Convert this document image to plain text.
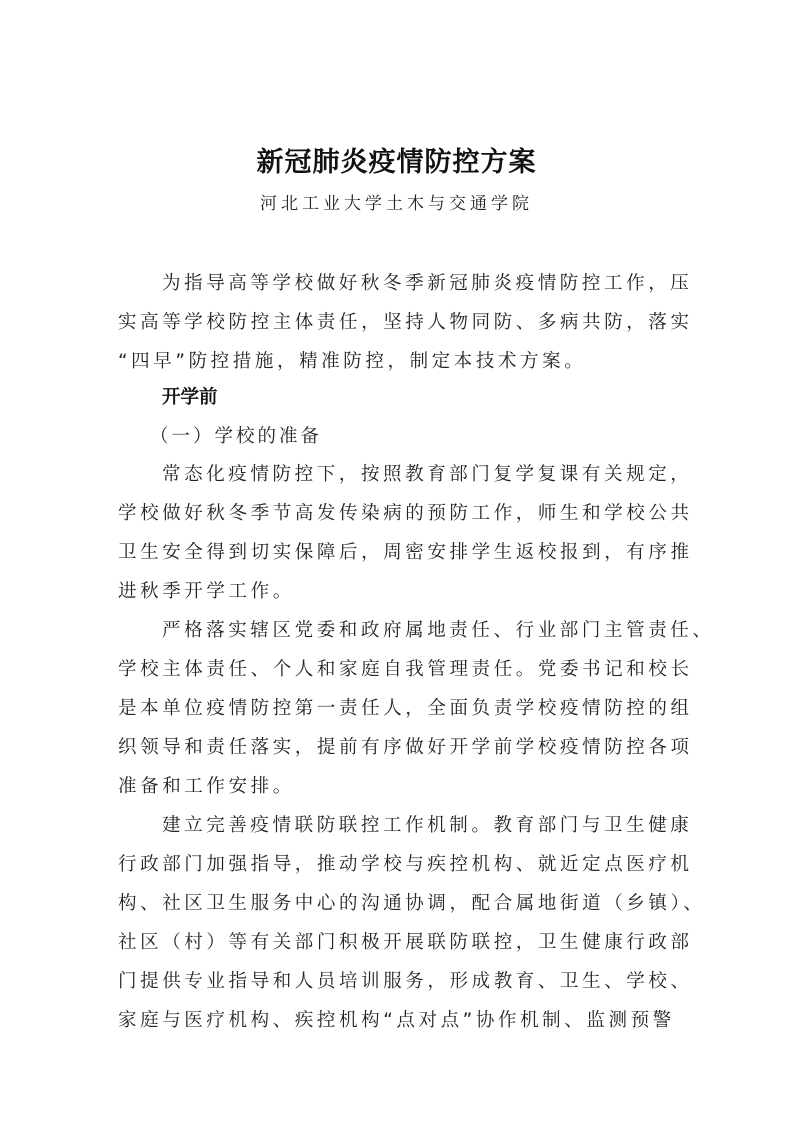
新冠肺炎疫情防控方案
河北工业大学土木与交通学院
为指导高等学校做好秋冬季新冠肺炎疫情防控工作，压
实高等学校防控主体责任，坚持人物同防、多病共防，落实
“四早”防控措施，精准防控，制定本技术方案。
开学前
（一）学校的准备
常态化疫情防控下，按照教育部门复学复课有关规定，
学校做好秋冬季节高发传染病的预防工作，师生和学校公共
卫生安全得到切实保障后，周密安排学生返校报到，有序推
进秋季开学工作。
严格落实辖区党委和政府属地责任、行业部门主管责任、
学校主体责任、个人和家庭自我管理责任。党委书记和校长
是本单位疫情防控第一责任人，全面负责学校疫情防控的组
织领导和责任落实，提前有序做好开学前学校疫情防控各项
准备和工作安排。
建立完善疫情联防联控工作机制。教育部门与卫生健康
行政部门加强指导，推动学校与疾控机构、就近定点医疗机
构、社区卫生服务中心的沟通协调，配合属地街道（乡镇）、
社区（村）等有关部门积极开展联防联控，卫生健康行政部
门提供专业指导和人员培训服务，形成教育、卫生、学校、
家庭与医疗机构、疾控机构“点对点”协作机制、监测预警
